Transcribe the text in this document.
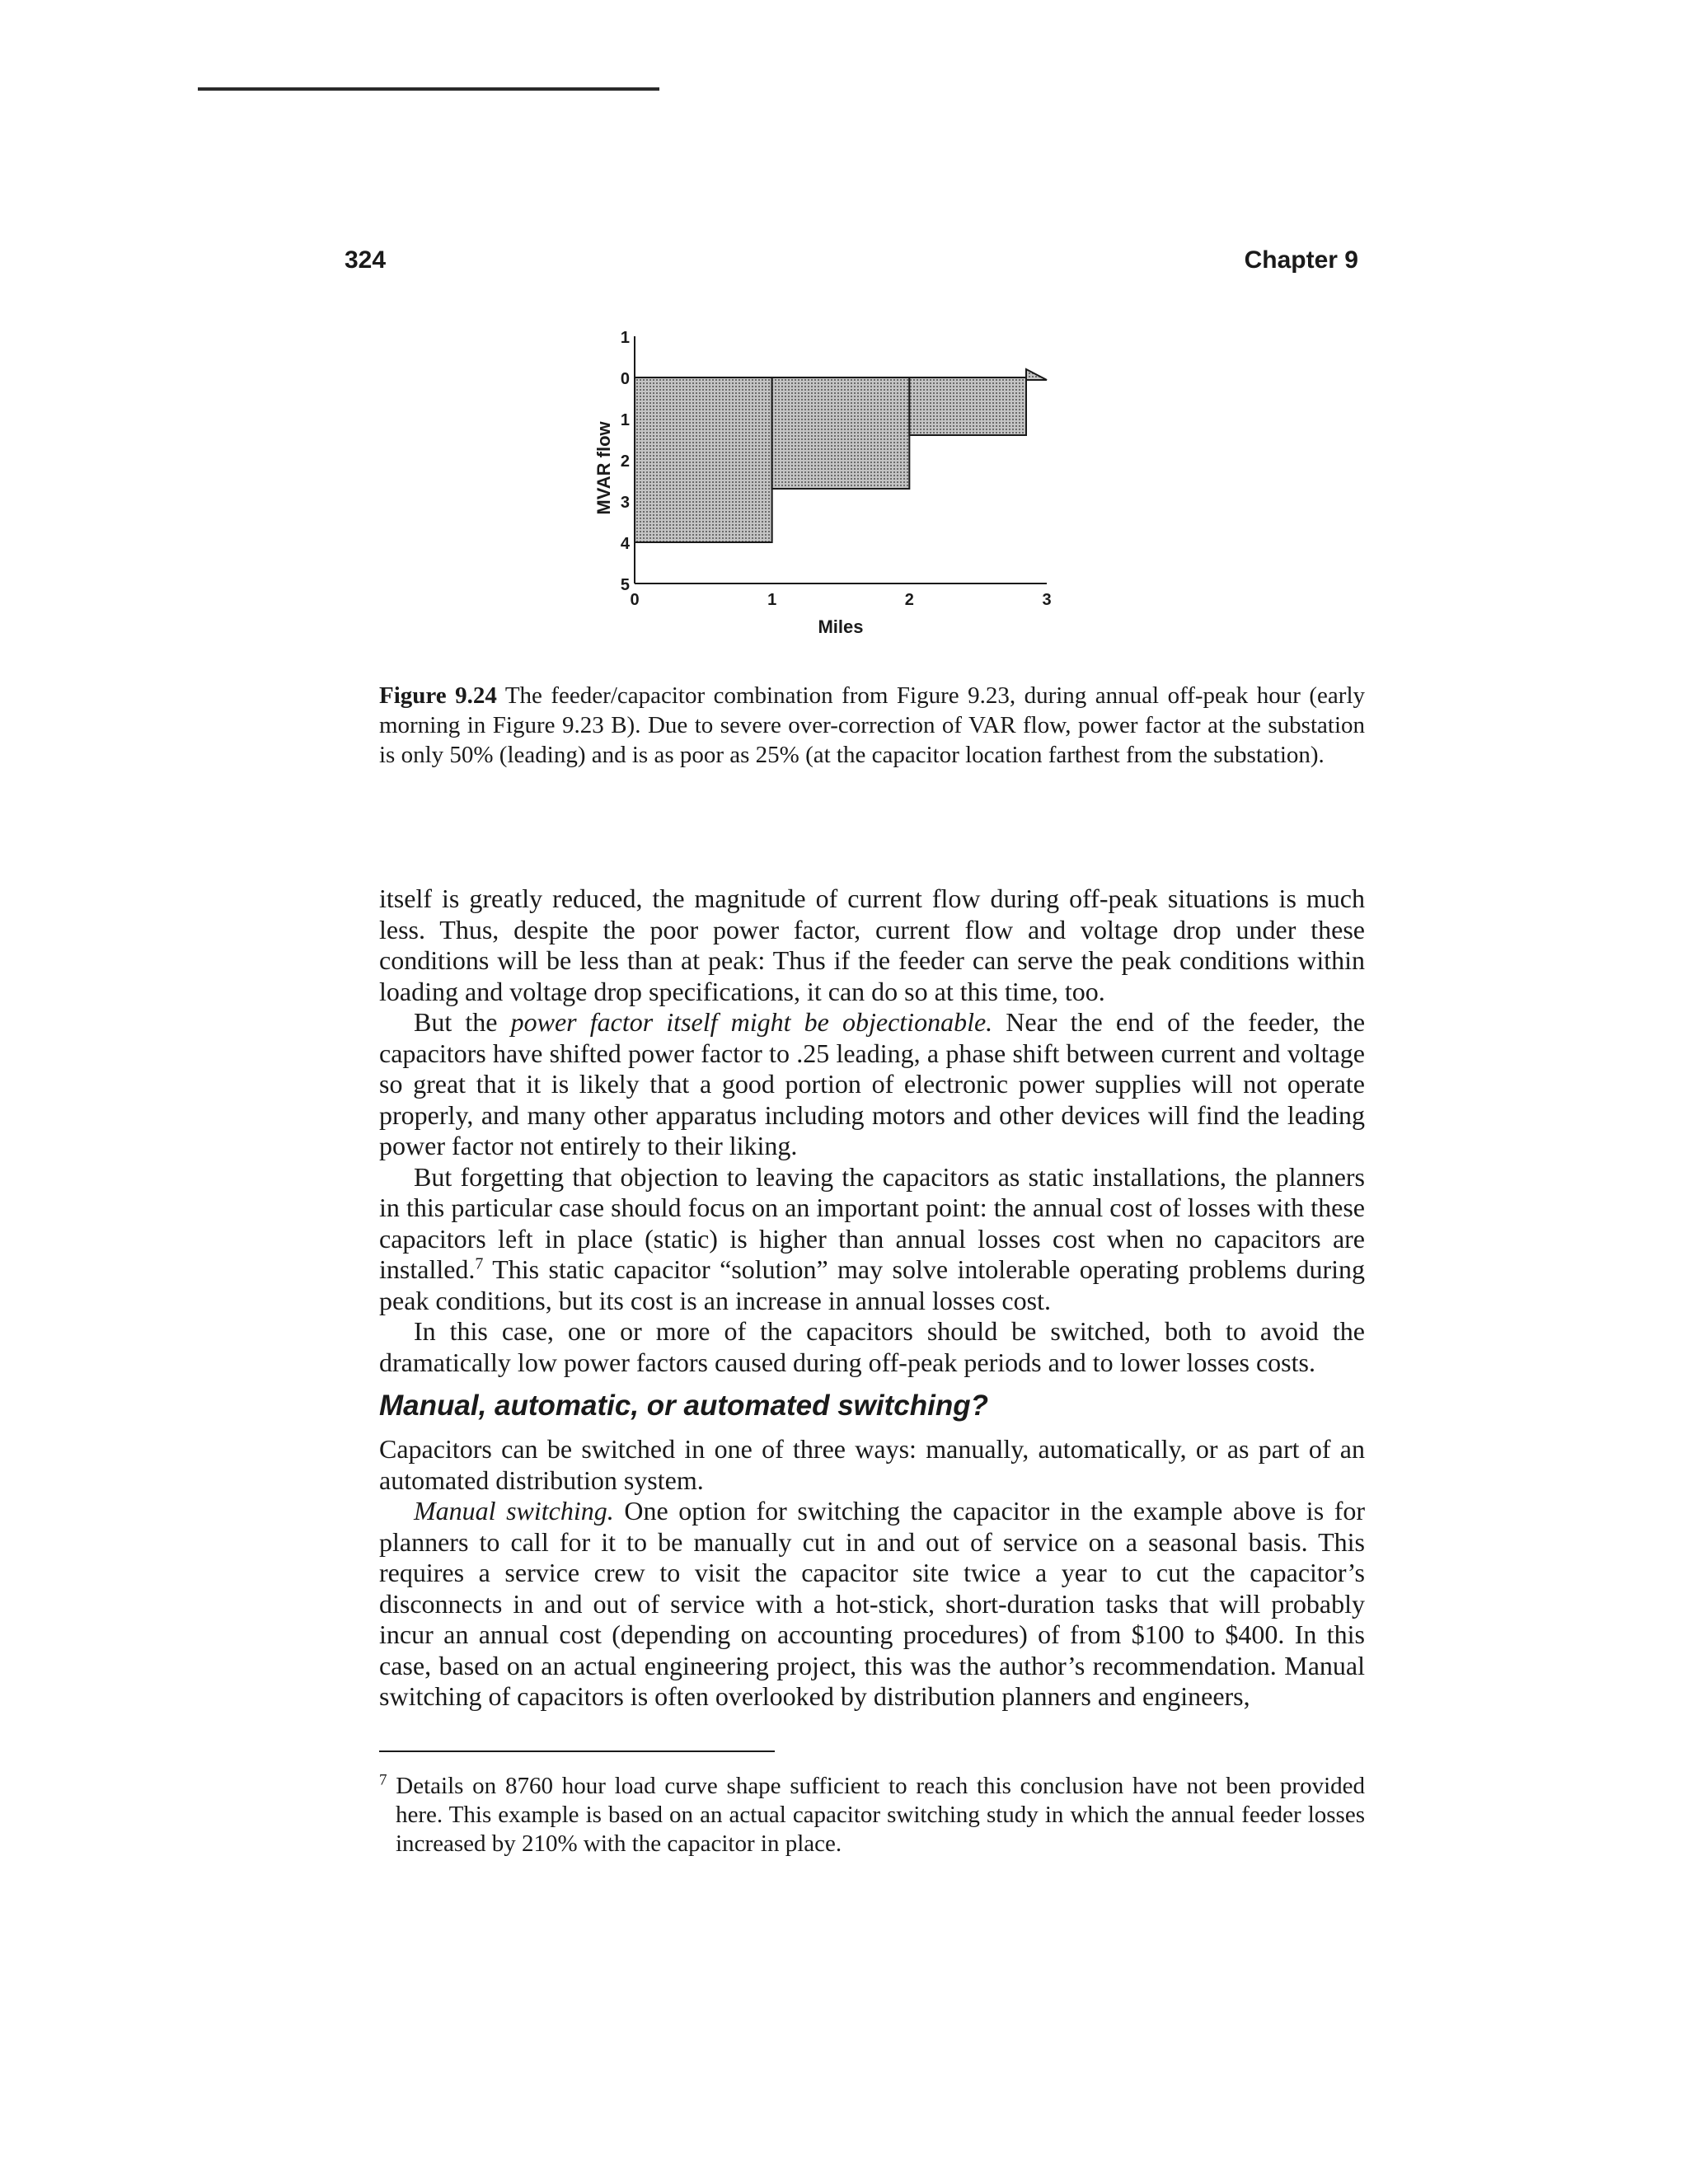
324	Chapter 9
1
0
1
2
3
4
5
0	1	2	3
Miles
MVAR flow
Figure 9.24 The feeder/capacitor combination from Figure 9.23, during annual off-peak hour (early morning in Figure 9.23 B). Due to severe over-correction of VAR flow, power factor at the substation is only 50% (leading) and is as poor as 25% (at the capacitor location farthest from the substation).

itself is greatly reduced, the magnitude of current flow during off-peak situations is much less. Thus, despite the poor power factor, current flow and voltage drop under these conditions will be less than at peak: Thus if the feeder can serve the peak conditions within loading and voltage drop specifications, it can do so at this time, too.

But the power factor itself might be objectionable. Near the end of the feeder, the capacitors have shifted power factor to .25 leading, a phase shift between current and voltage so great that it is likely that a good portion of electronic power supplies will not operate properly, and many other apparatus including motors and other devices will find the leading power factor not entirely to their liking.

But forgetting that objection to leaving the capacitors as static installations, the planners in this particular case should focus on an important point: the annual cost of losses with these capacitors left in place (static) is higher than annual losses cost when no capacitors are installed.$^7$ This static capacitor “solution” may solve intolerable operating problems during peak conditions, but its cost is an increase in annual losses cost.

In this case, one or more of the capacitors should be switched, both to avoid the dramatically low power factors caused during off-peak periods and to lower losses costs.

Manual, automatic, or automated switching?

Capacitors can be switched in one of three ways: manually, automatically, or as part of an automated distribution system.

Manual switching. One option for switching the capacitor in the example above is for planners to call for it to be manually cut in and out of service on a seasonal basis. This requires a service crew to visit the capacitor site twice a year to cut the capacitor’s disconnects in and out of service with a hot-stick, short-duration tasks that will probably incur an annual cost (depending on accounting procedures) of from $100 to $400. In this case, based on an actual engineering project, this was the author’s recommendation. Manual switching of capacitors is often overlooked by distribution planners and engineers,

$^7$ Details on 8760 hour load curve shape sufficient to reach this conclusion have not been provided here. This example is based on an actual capacitor switching study in which the annual feeder losses increased by 210% with the capacitor in place.
